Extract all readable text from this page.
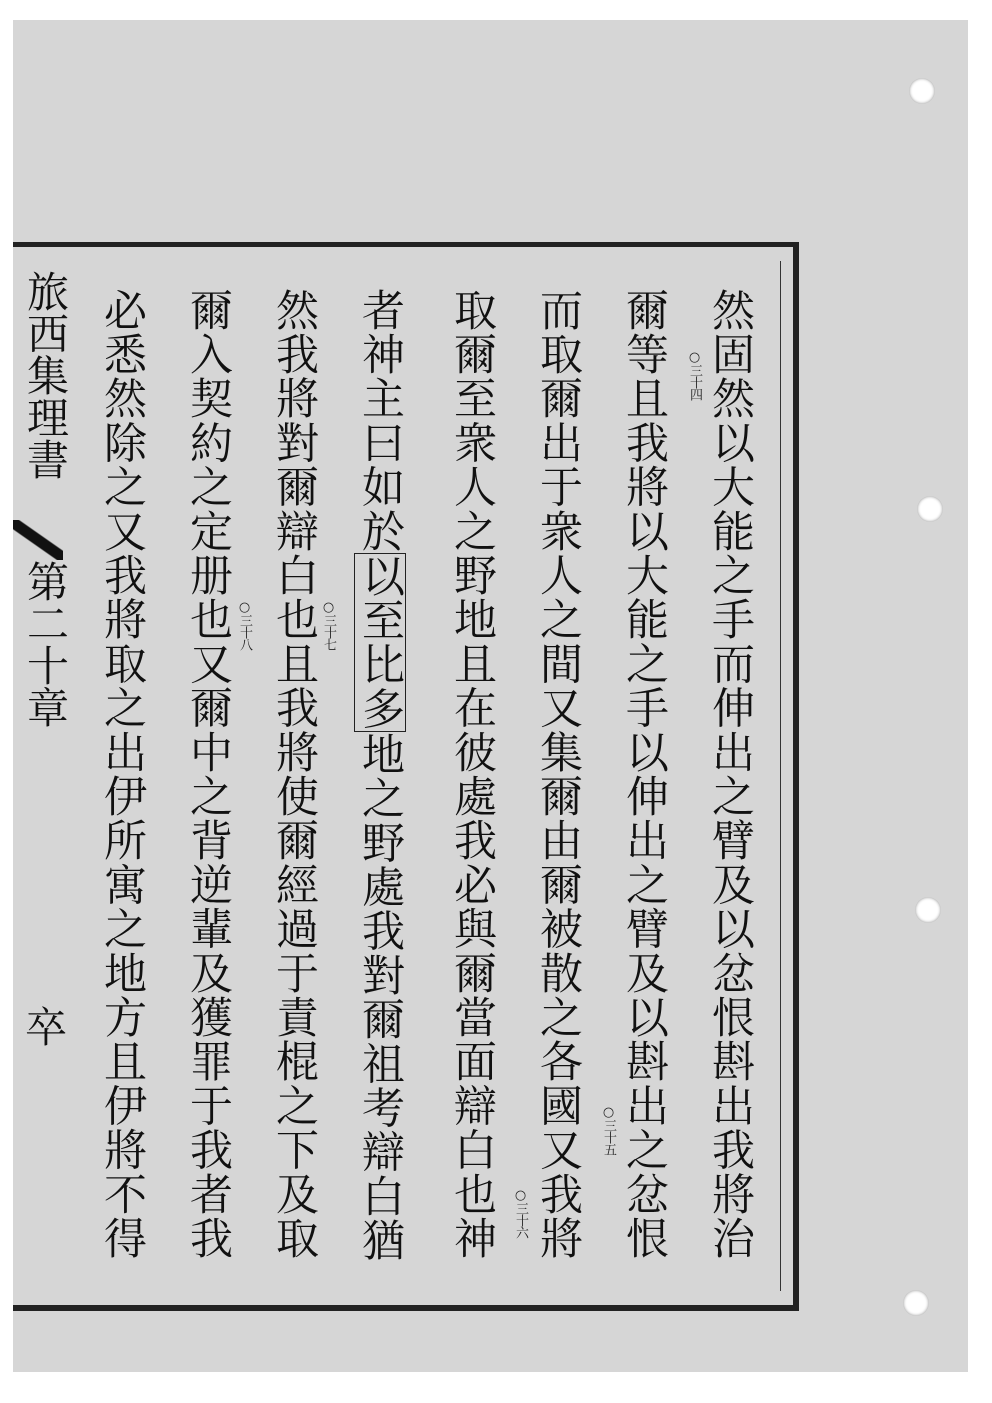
旅西集理書
第二十章
卒	然固然以大能之手而伸出之臂及以忿恨斟出我將治
爾等且我將以大能之手以伸出之臂及以斟出之忿恨
而取爾出于衆人之間又集爾由爾被散之各國又我將
取爾至衆人之野地且在彼處我必與爾當面辯白也神
者神主曰如於以至比多地之野處我對爾祖考辯白猶
然我將對爾辯白也且我將使爾經過于責棍之下及取
爾入契約之定册也又爾中之背逆輩及獲罪于我者我
必悉然除之又我將取之出伊所寓之地方且伊將不得	○三十四
○三十五
○三十六
○三十七
○三十八
